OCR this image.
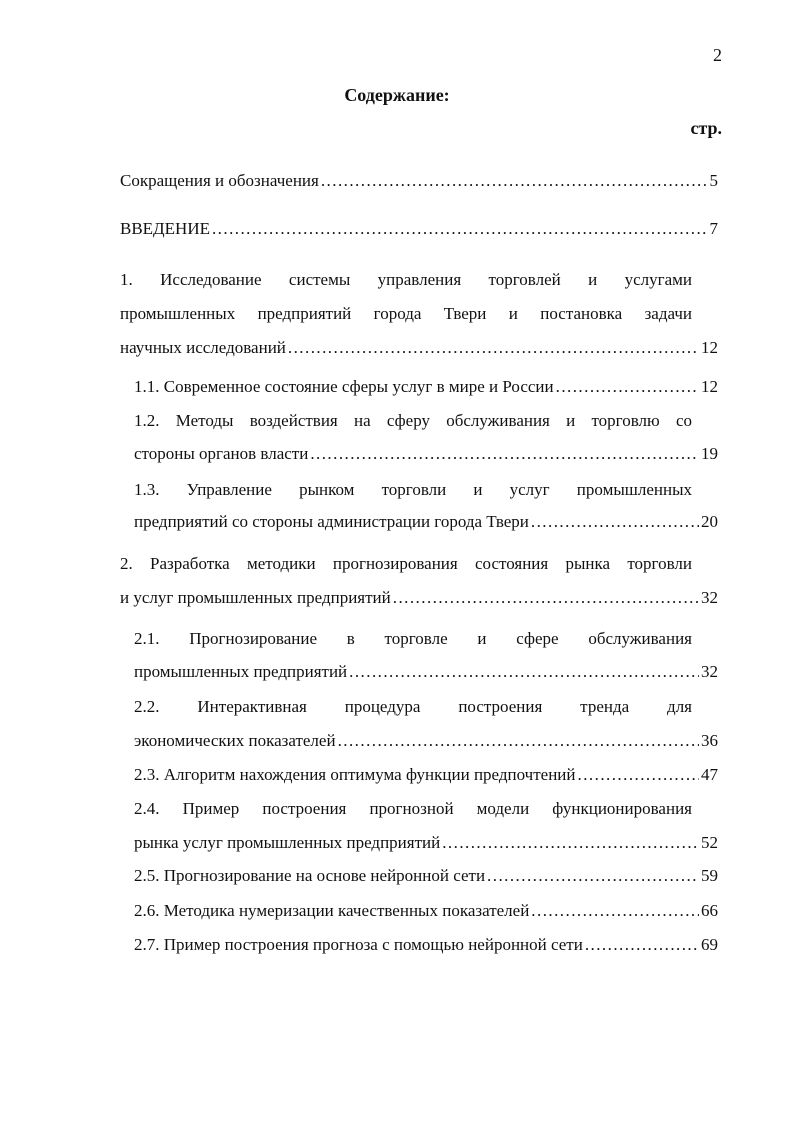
2
Содержание:
стр.
Сокращения и обозначения . . .	5
ВВЕДЕНИЕ . . .	7
1. Исследование системы управления торговлей и услугами
промышленных предприятий города Твери и постановка задачи
научных исследований . . .	12
1.1. Современное состояние сферы услуг в мире и России . . .	12
1.2. Методы воздействия на сферу обслуживания и торговлю со
стороны органов власти . . .	19
1.3. Управление рынком торговли и услуг промышленных
предприятий со стороны администрации города Твери . . .	20
2. Разработка методики прогнозирования состояния рынка торговли
и услуг промышленных предприятий . . .	32
2.1. Прогнозирование в торговле и сфере обслуживания
промышленных предприятий . . .	32
2.2. Интерактивная процедура построения тренда для
экономических показателей . . .	36
2.3. Алгоритм нахождения оптимума функции предпочтений . . .	47
2.4. Пример построения прогнозной модели функционирования
рынка услуг промышленных предприятий . . .	52
2.5. Прогнозирование на основе нейронной сети . . .	59
2.6. Методика нумеризации качественных показателей . . .	66
2.7. Пример построения прогноза с помощью нейронной сети . . .	69
